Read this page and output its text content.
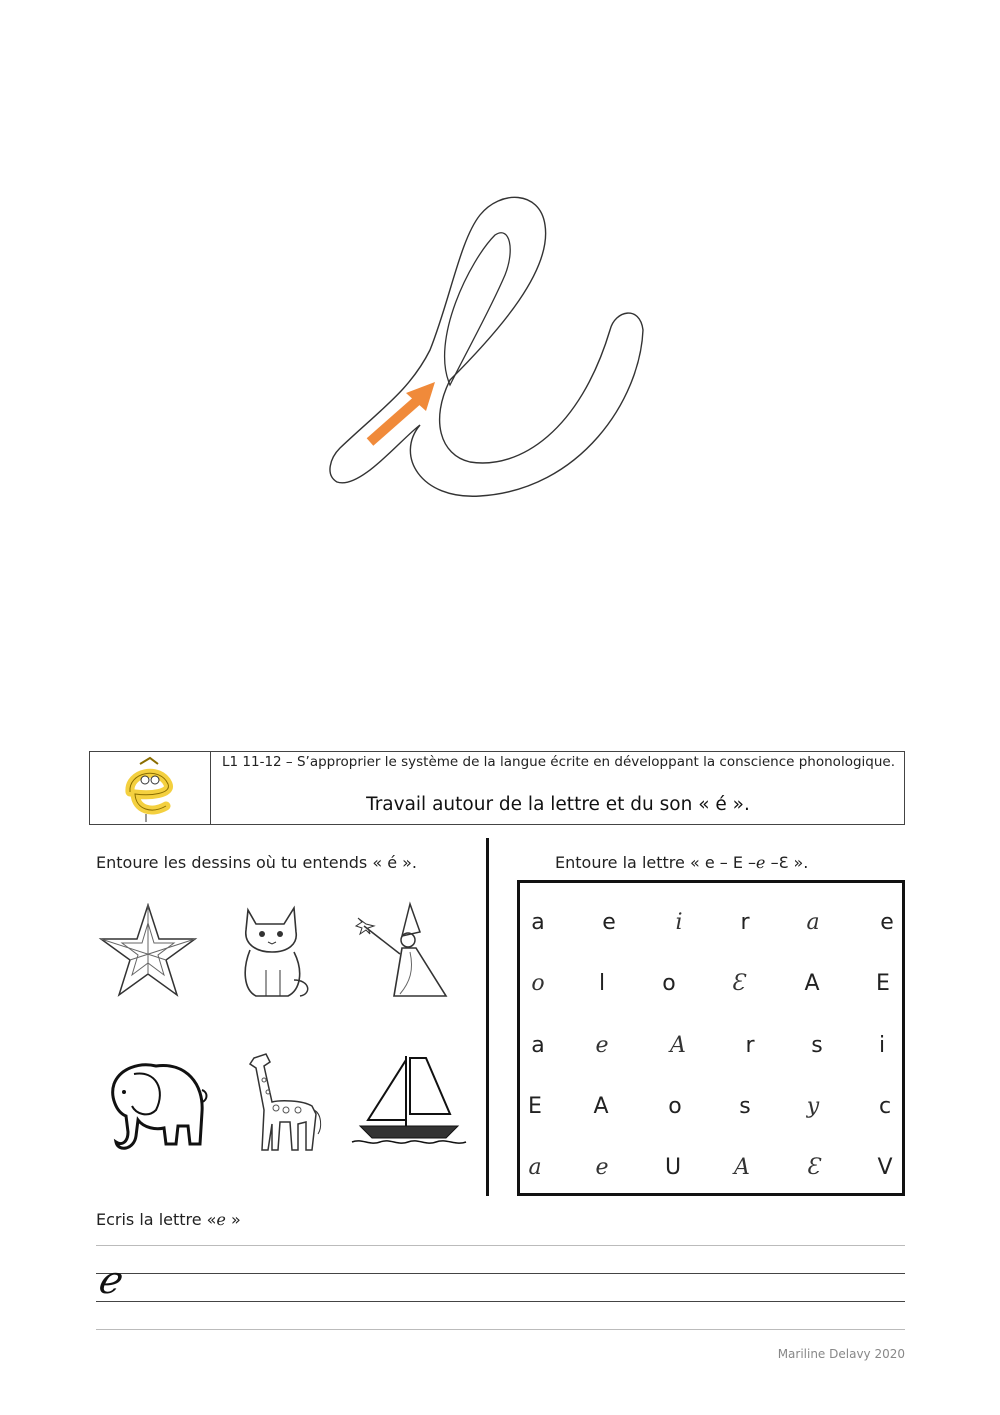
L1 11-12 – S’approprier le système de la langue écrite en développant la conscience phonologique.
Travail autour de la lettre et du son « é ».
Entoure les dessins où tu entends « é ».	Entoure la lettre « e – E –ℯ –Ɛ ».
a	e	i	r	a	e
o	l	o	Ɛ	A	E
a	e	A	r	s	i
E	A	o	s	y	c
a	e	U	A	Ɛ	V
Ecris la lettre «ℯ »
ℯ
Mariline Delavy 2020
